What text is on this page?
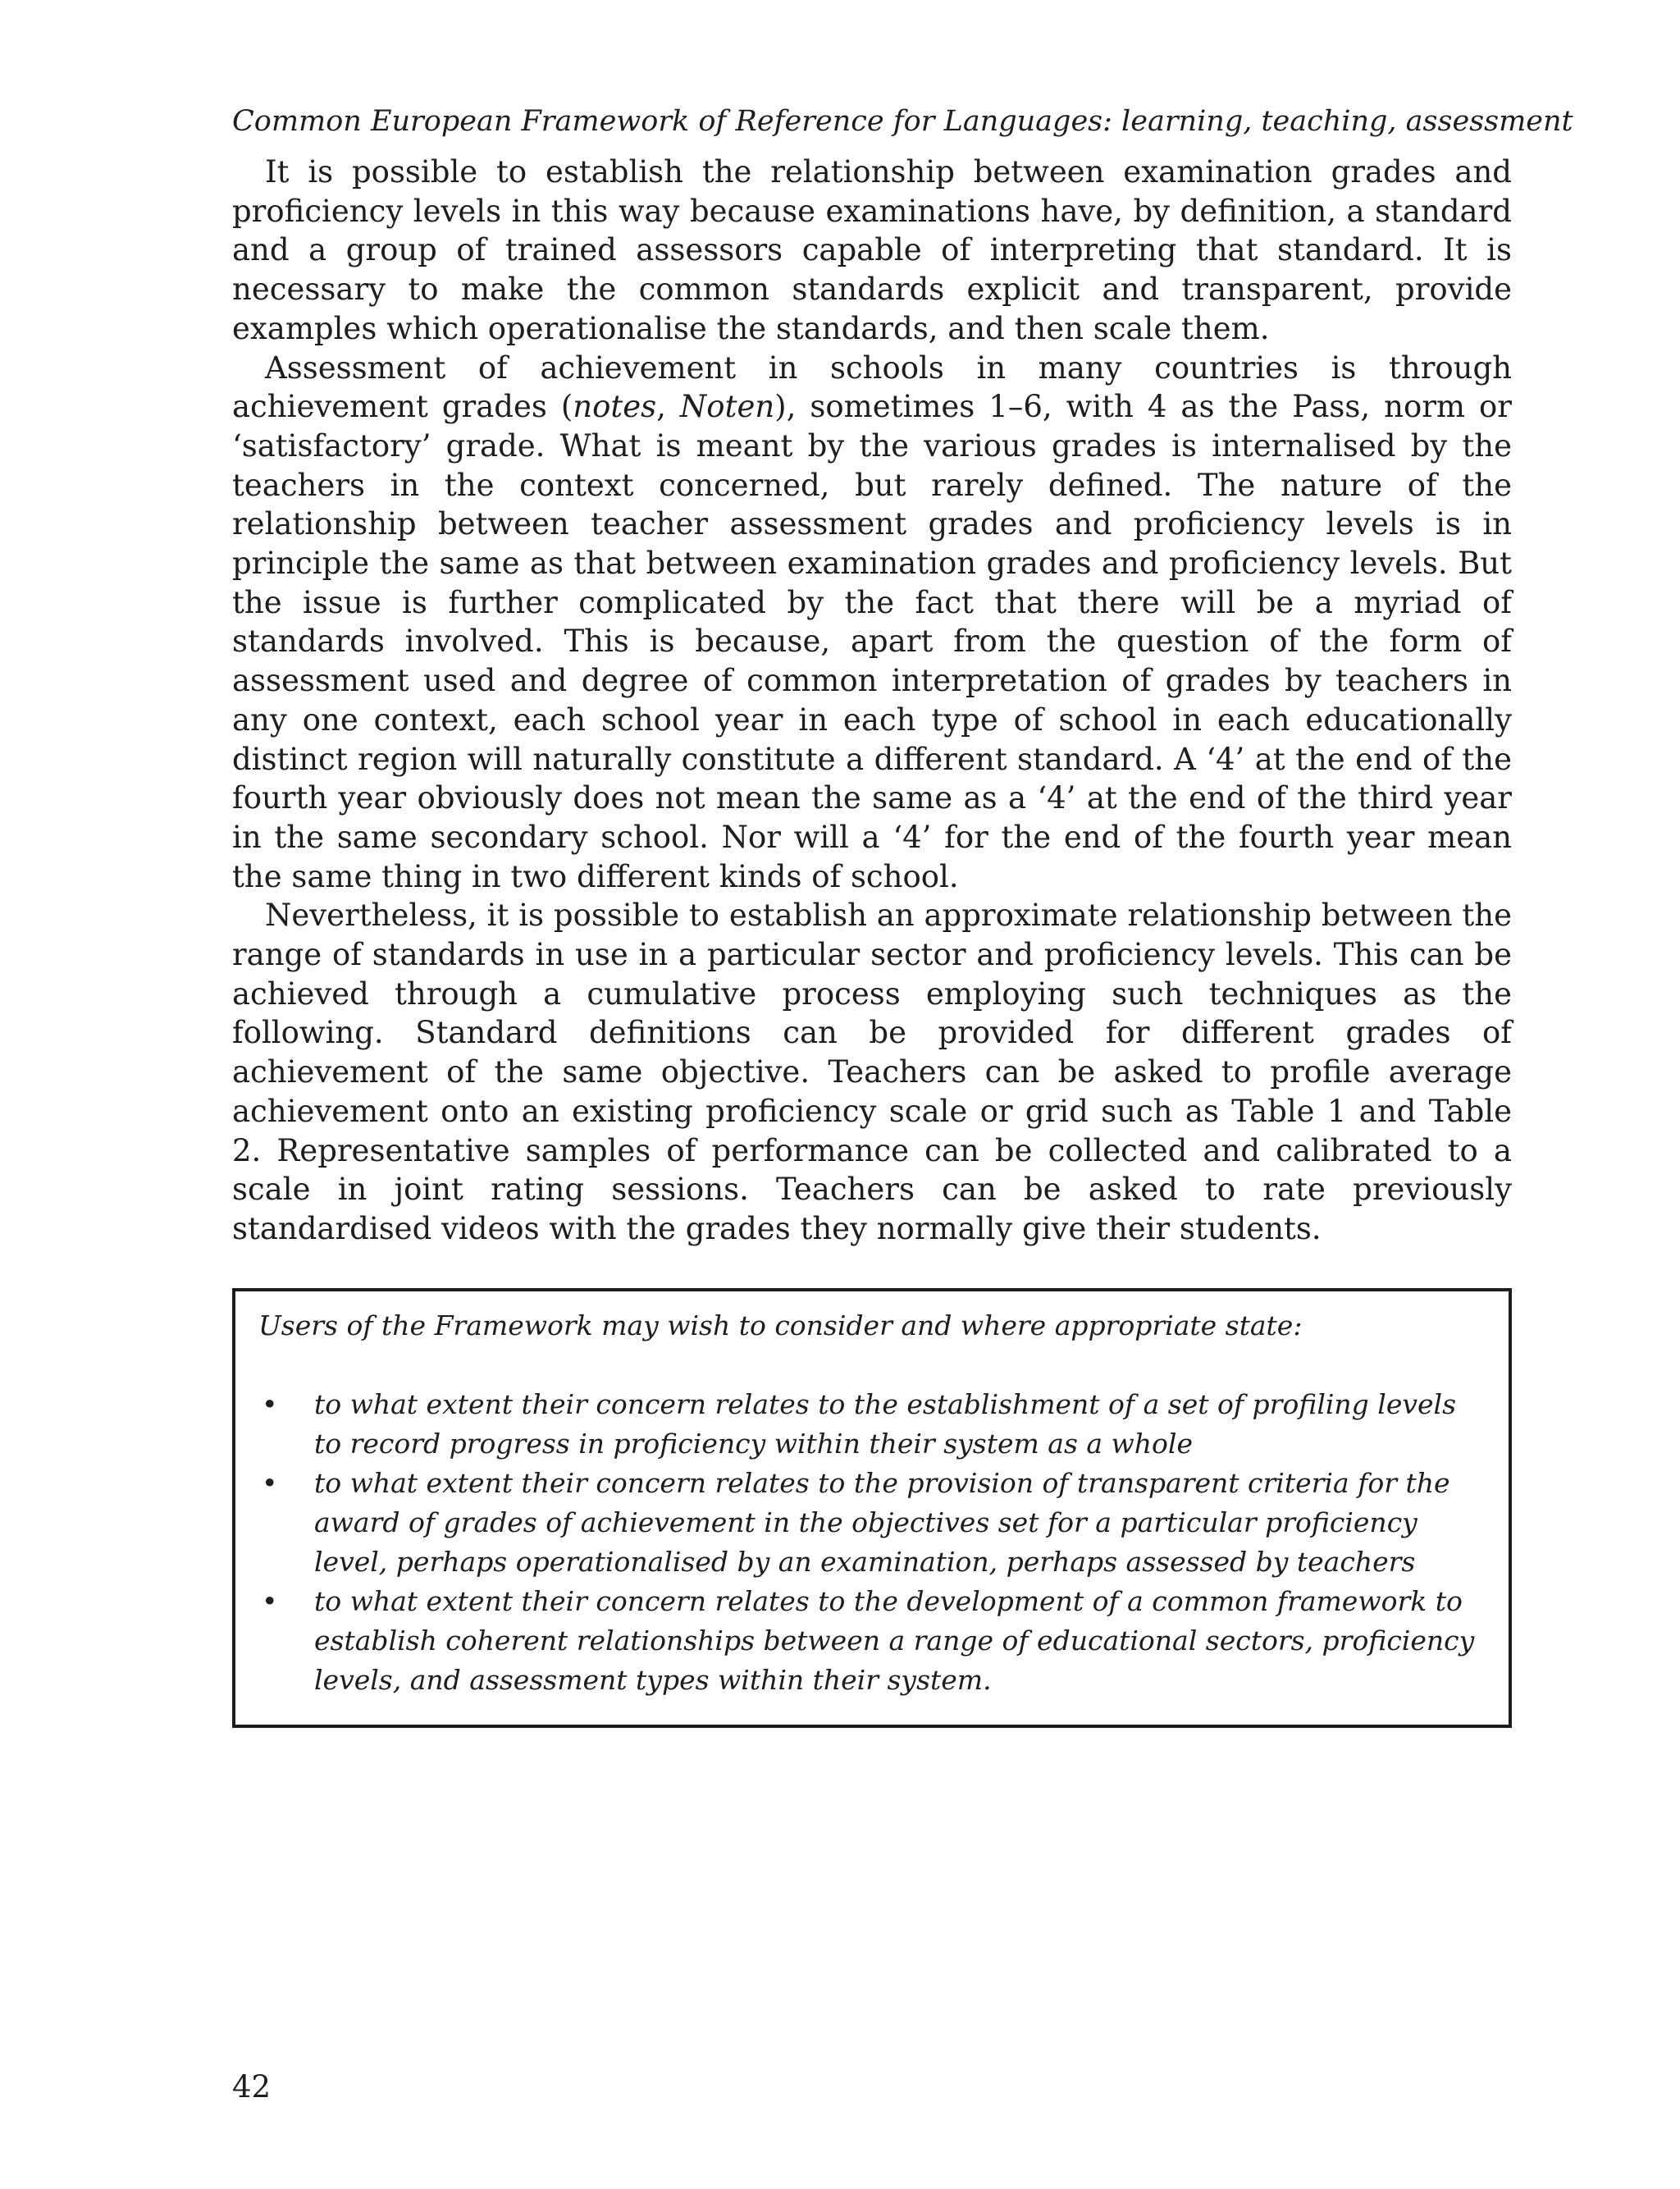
Common European Framework of Reference for Languages: learning, teaching, assessment

It is possible to establish the relationship between examination grades and proficiency levels in this way because examinations have, by definition, a standard and a group of trained assessors capable of interpreting that standard. It is necessary to make the common standards explicit and transparent, provide examples which operationalise the standards, and then scale them.

Assessment of achievement in schools in many countries is through achievement grades (notes, Noten), sometimes 1–6, with 4 as the Pass, norm or ‘satisfactory’ grade. What is meant by the various grades is internalised by the teachers in the context concerned, but rarely defined. The nature of the relationship between teacher assessment grades and proficiency levels is in principle the same as that between examination grades and proficiency levels. But the issue is further complicated by the fact that there will be a myriad of standards involved. This is because, apart from the question of the form of assessment used and degree of common interpretation of grades by teachers in any one context, each school year in each type of school in each educationally distinct region will naturally constitute a different standard. A ‘4’ at the end of the fourth year obviously does not mean the same as a ‘4’ at the end of the third year in the same secondary school. Nor will a ‘4’ for the end of the fourth year mean the same thing in two different kinds of school.

Nevertheless, it is possible to establish an approximate relationship between the range of standards in use in a particular sector and proficiency levels. This can be achieved through a cumulative process employing such techniques as the following. Standard definitions can be provided for different grades of achievement of the same objective. Teachers can be asked to profile average achievement onto an existing proficiency scale or grid such as Table 1 and Table 2. Representative samples of performance can be collected and calibrated to a scale in joint rating sessions. Teachers can be asked to rate previously standardised videos with the grades they normally give their students.

Users of the Framework may wish to consider and where appropriate state:

• to what extent their concern relates to the establishment of a set of profiling levels to record progress in proficiency within their system as a whole
• to what extent their concern relates to the provision of transparent criteria for the award of grades of achievement in the objectives set for a particular proficiency level, perhaps operationalised by an examination, perhaps assessed by teachers
• to what extent their concern relates to the development of a common framework to establish coherent relationships between a range of educational sectors, proficiency levels, and assessment types within their system.
42
